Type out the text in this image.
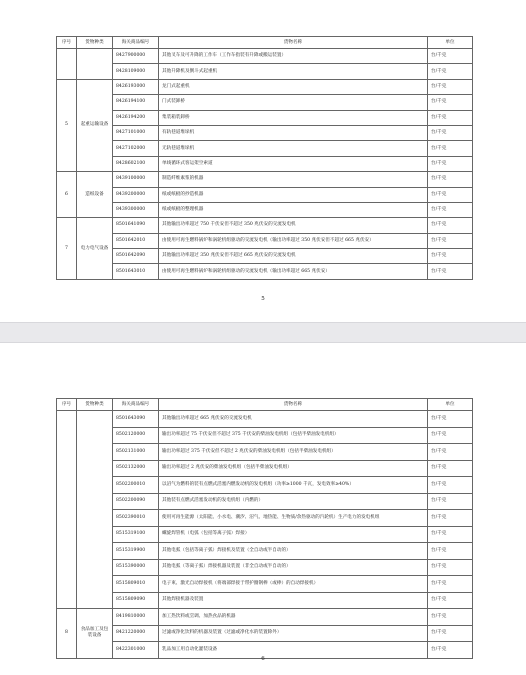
序号	货物种类	海关商品编号	货物名称	单位
		8427900000	其他叉车及可升降的工作车（工作车指装有升降或搬运装置）	台/千克
		8428109000	其他升降机及倒斗式起重机	台/千克
5	起重运输设备	8426193000	龙门式起重机	台/千克
		8426194100	门式装卸桥	台/千克
		8426194200	集装箱装卸桥	台/千克
		8427101000	有轨巷道堆垛机	台/千克
		8427102000	无轨巷道堆垛机	台/千克
		8428602100	单线循环式客运架空索道	台/千克
6	造纸设备	8439100000	制造纤维素浆的机器	台/千克
		8439200000	纸或纸板的抄造机器	台/千克
		8439300000	纸或纸板的整理机器	台/千克
7	电力电气设备	8501641090	其他输出功率超过 750 千伏安但不超过 350 兆伏安的交流发电机	台/千克
		8501642010	由使用可再生燃料锅炉和涡轮机组驱动的交流发电机（输出功率超过 350 兆伏安但不超过 665 兆伏安）	台/千克
		8501642090	其他输出功率超过 350 兆伏安但不超过 665 兆伏安的交流发电机	台/千克
		8501643010	由使用可再生燃料锅炉和涡轮机组驱动的交流发电机（输出功率超过 665 兆伏安）	台/千克
5
序号	货物种类	海关商品编号	货物名称	单位
		8501643090	其他输出功率超过 665 兆伏安的交流发电机	台/千克
		8502120000	输出功率超过 75 千伏安但不超过 375 千伏安的柴油发电机组（包括半柴油发电机组）	台/千克
		8502131000	输出功率超过 375 千伏安但不超过 2 兆伏安的柴油发电机组（包括半柴油发电机组）	台/千克
		8502132000	输出功率超过 2 兆伏安的柴油发电机组（包括半柴油发电机组）	台/千克
		8502200010	以沼气为燃料的装有点燃式活塞内燃发动机的发电机组（功率≥1000 千瓦，发电效率≥40%）	台/千克
		8502200090	其他装有点燃式活塞发动机的发电机组（内燃的）	台/千克
		8502390010	使用可再生能源（太阳能、小水电、潮汐、沼气、地热能、生物质/余热驱动的汽轮机）生产电力的发电机组	台/千克
		8515319100	螺旋焊管机（电弧（包括等离子弧）焊接）	台/千克
		8515319900	其他电弧（包括等离子弧）焊接机及装置（全自动或半自动的）	台/千克
		8515390000	其他电弧（等离子弧）焊接机器及装置（非全自动或半自动的）	台/千克
		8515809010	电子束、激光自动焊接机（将端部焊接于带护圈钢棒（或棒）的自动焊接机）	台/千克
		8515809090	其他焊接机器及装置	台/千克
8	食品加工及包装设备	8419810000	加工热饮料或烹调、加热食品的机器	台/千克
		8421220000	过滤或净化饮料的机器及装置（过滤或净化水的装置除外）	台/千克
		8422301000	乳品加工用自动化灌装设备	台/千克
6
